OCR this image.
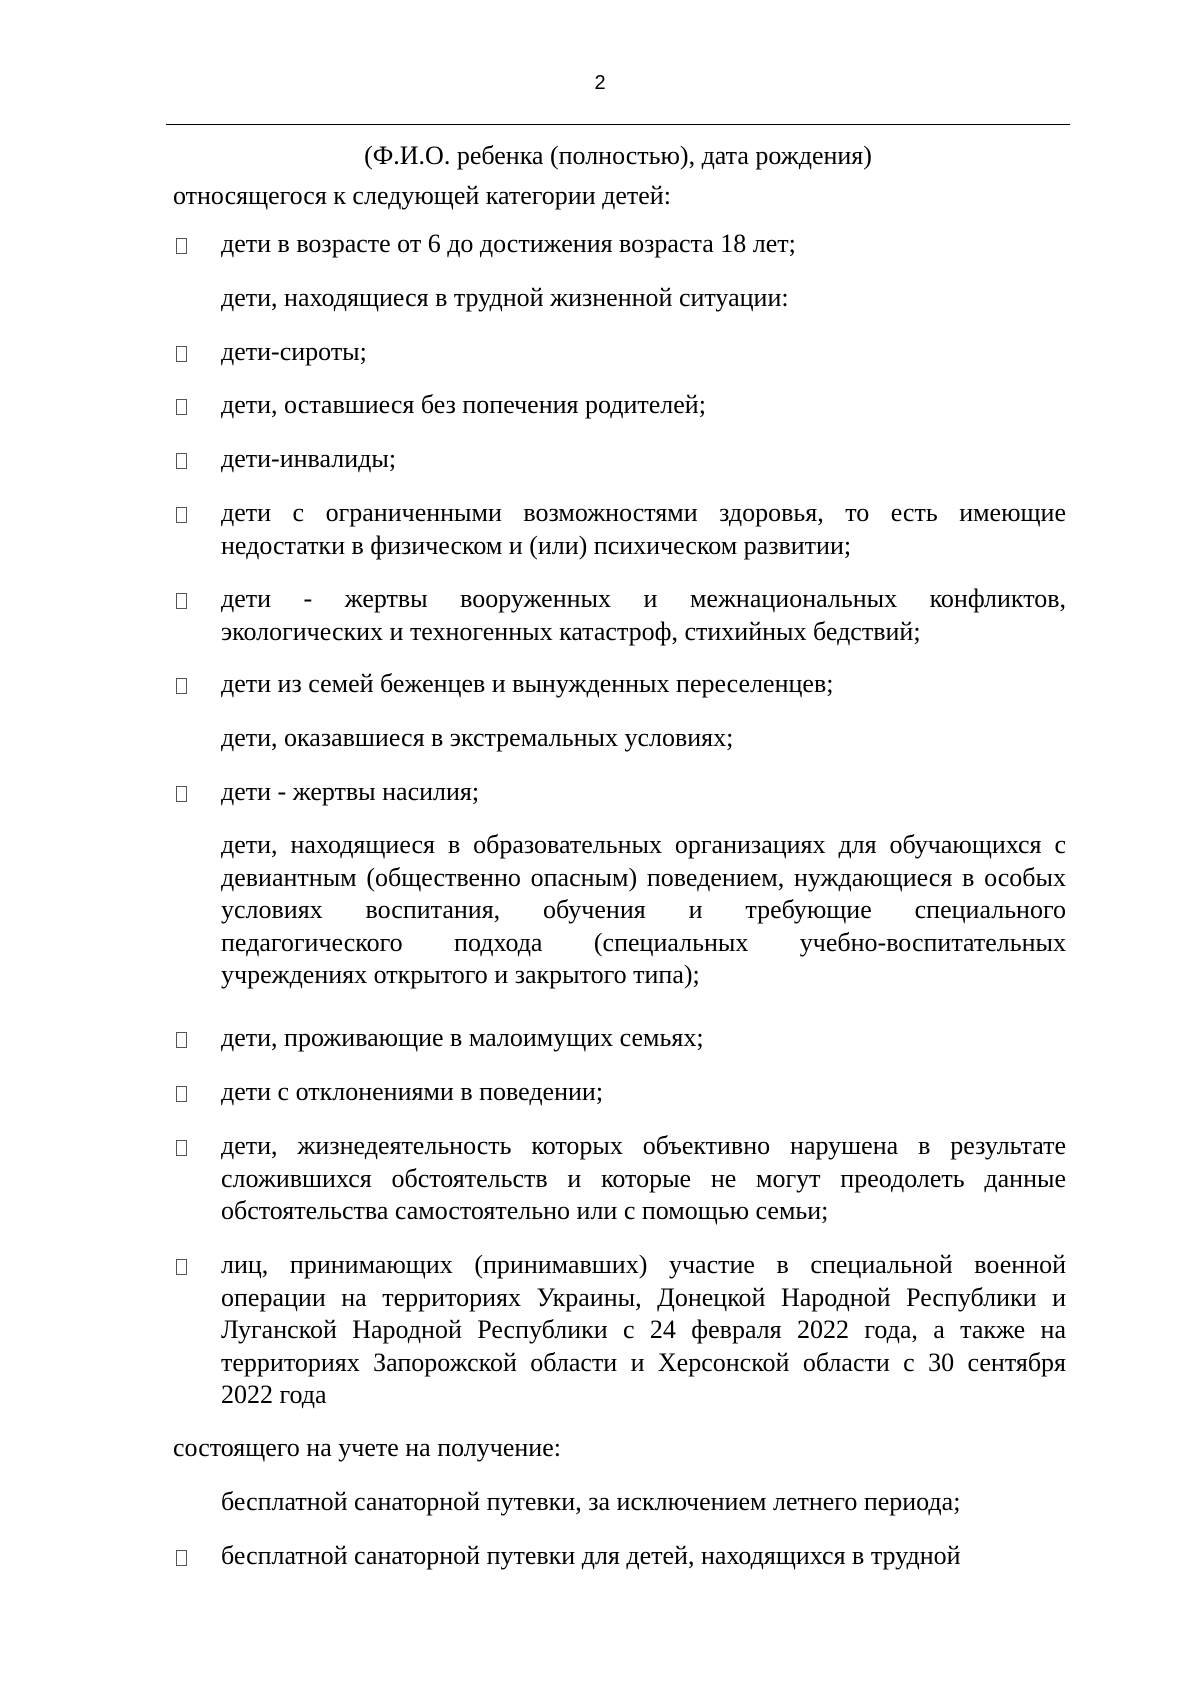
2
(Ф.И.О. ребенка (полностью), дата рождения)
относящегося к следующей категории детей:
дети в возрасте от 6 до достижения возраста 18 лет;
дети, находящиеся в трудной жизненной ситуации:
дети-сироты;
дети, оставшиеся без попечения родителей;
дети-инвалиды;
дети с ограниченными возможностями здоровья, то есть имеющие недостатки в физическом и (или) психическом развитии;
дети - жертвы вооруженных и межнациональных конфликтов, экологических и техногенных катастроф, стихийных бедствий;
дети из семей беженцев и вынужденных переселенцев;
дети, оказавшиеся в экстремальных условиях;
дети - жертвы насилия;
дети, находящиеся в образовательных организациях для обучающихся с девиантным (общественно опасным) поведением, нуждающиеся в особых условиях воспитания, обучения и требующие специального педагогического подхода (специальных учебно-воспитательных учреждениях открытого и закрытого типа);
дети, проживающие в малоимущих семьях;
дети с отклонениями в поведении;
дети, жизнедеятельность которых объективно нарушена в результате сложившихся обстоятельств и которые не могут преодолеть данные обстоятельства самостоятельно или с помощью семьи;
лиц, принимающих (принимавших) участие в специальной военной операции на территориях Украины, Донецкой Народной Республики и Луганской Народной Республики с 24 февраля 2022 года, а также на территориях Запорожской области и Херсонской области с 30 сентября 2022 года
состоящего на учете на получение:
бесплатной санаторной путевки, за исключением летнего периода;
бесплатной санаторной путевки для детей, находящихся в трудной
